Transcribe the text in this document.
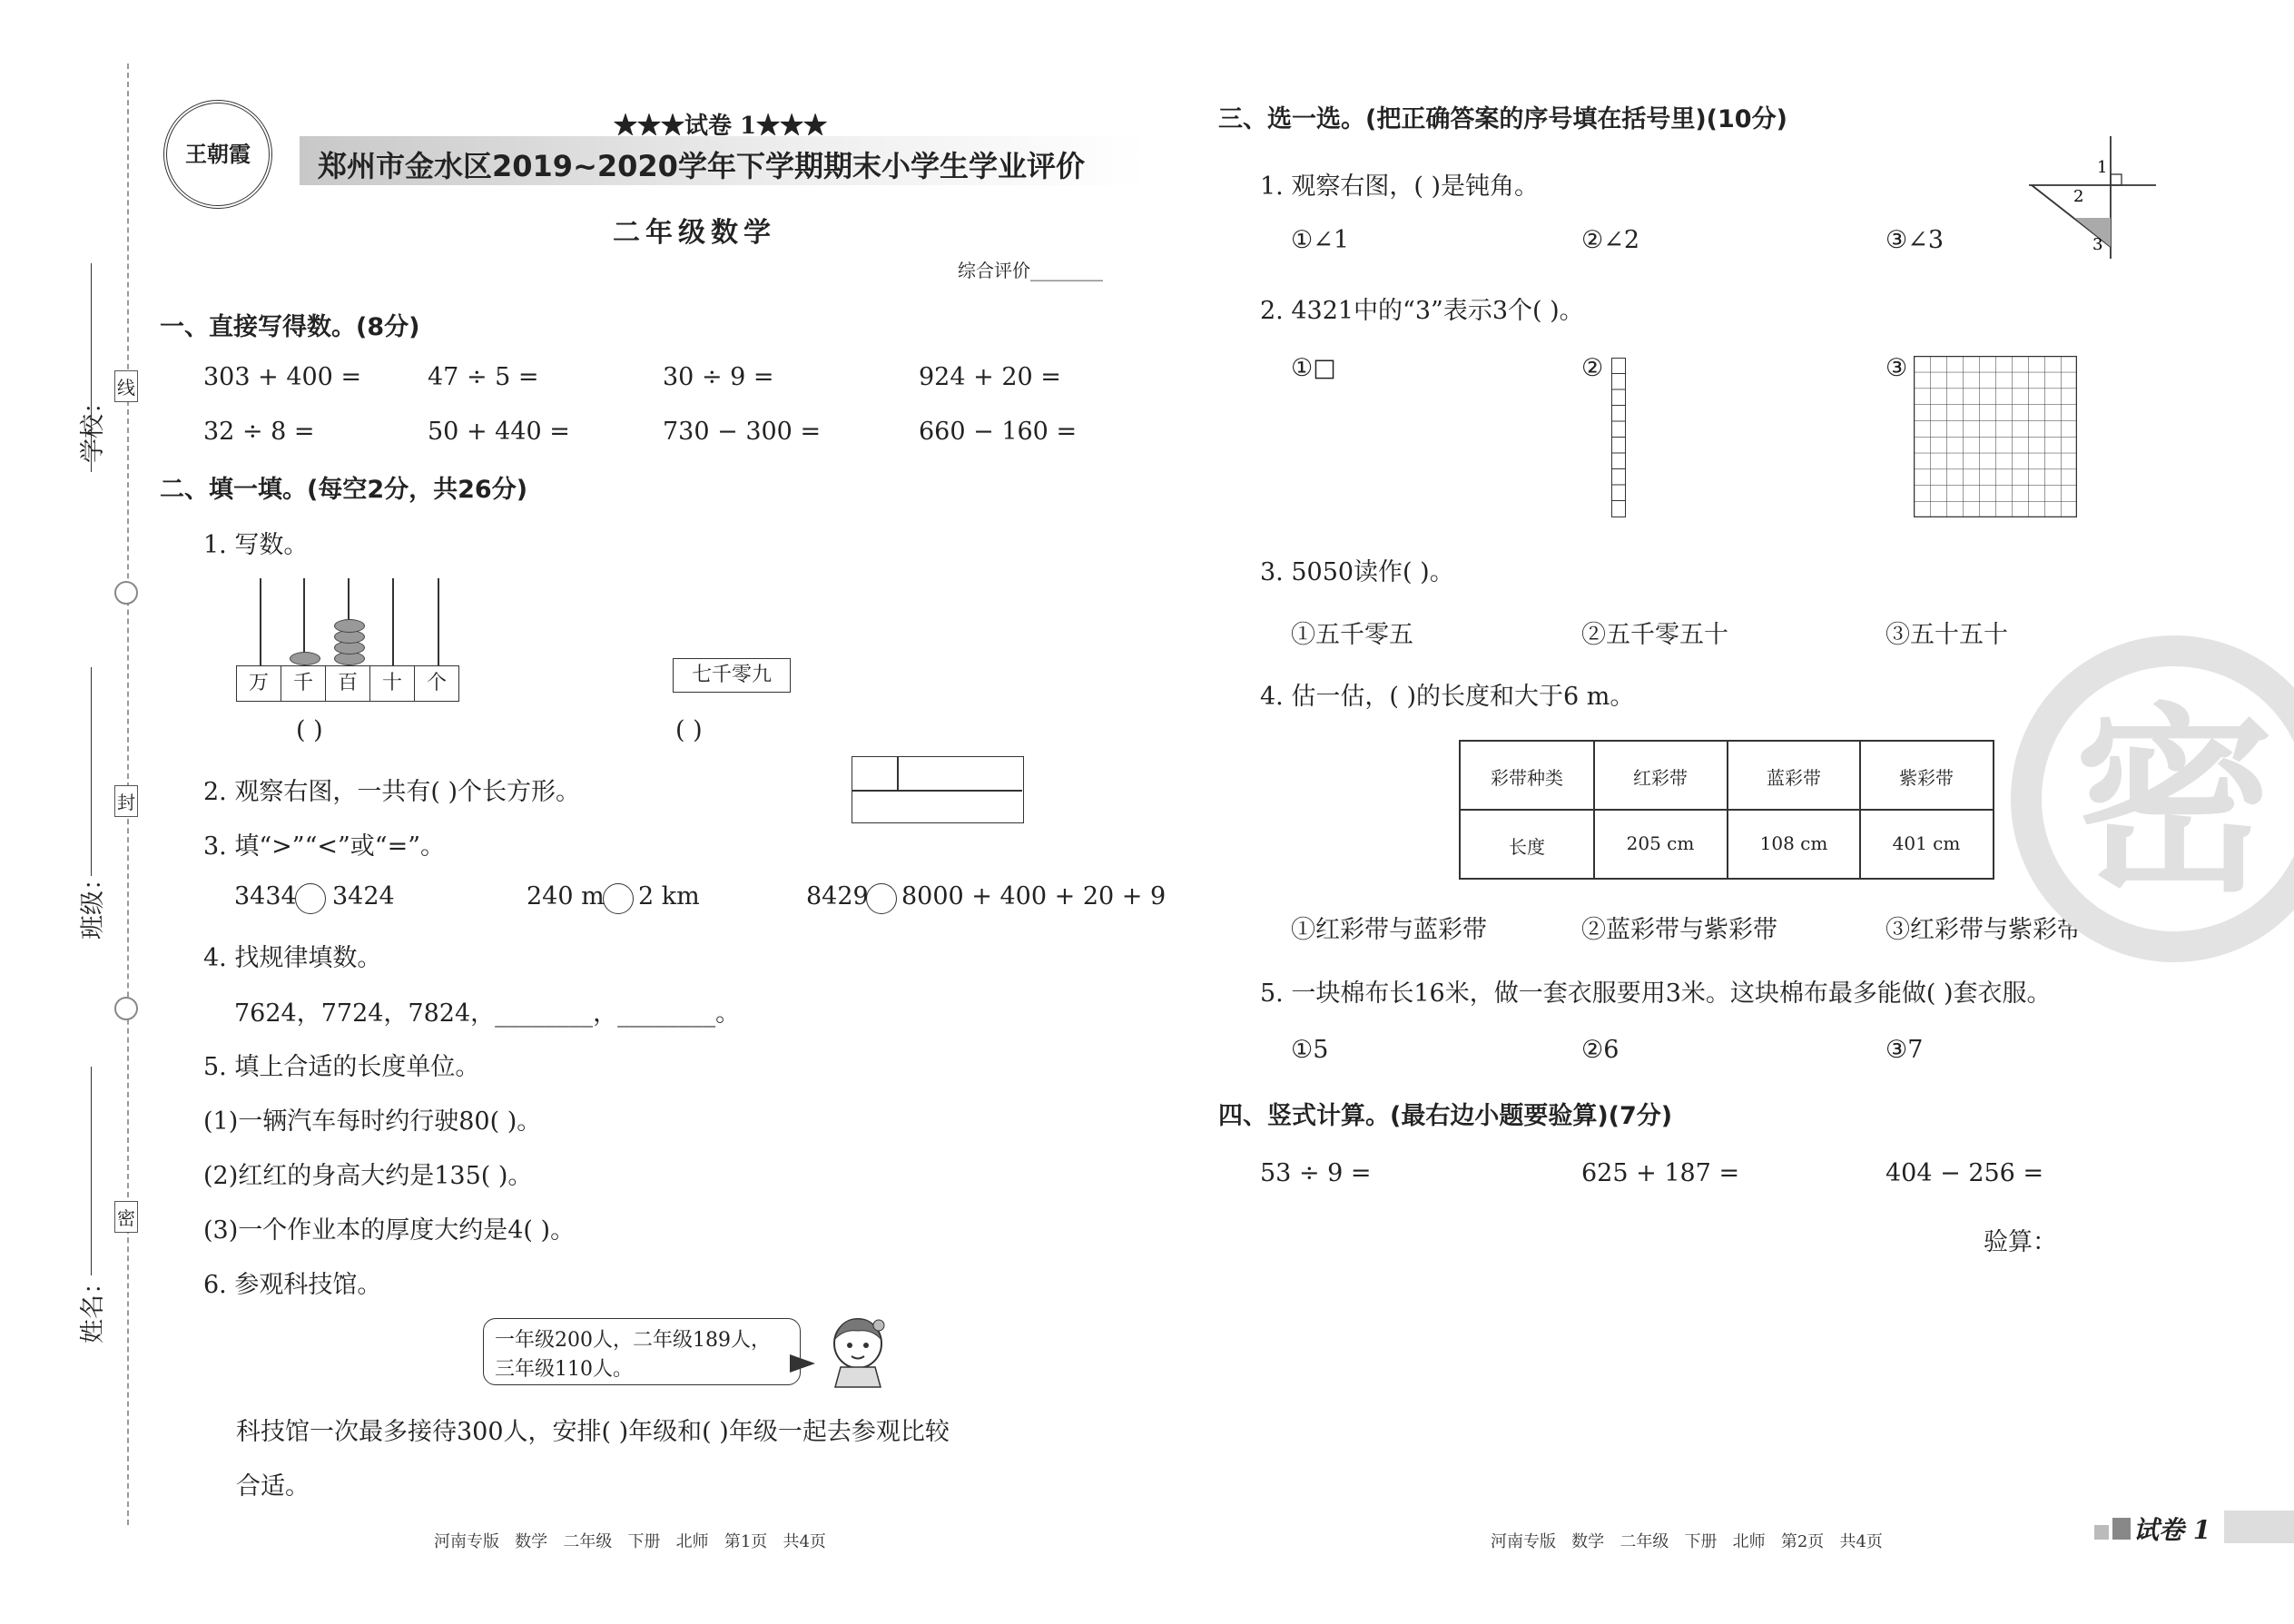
学校：
班级：
姓名：
线
封
密
王朝霞
★★★试卷 1★★★
郑州市金水区2019~2020学年下学期期末小学生学业评价
二年级数学
综合评价________
一、直接写得数。(8分)
303 + 400 =	47 ÷ 5 =	30 ÷ 9 =	924 + 20 =
32 ÷ 8 =	50 + 440 =	730 − 300 =	660 − 160 =
二、填一填。(每空2分，共26分)
1. 写数。
万	千	百	十	个
( )
七千零九
( )
2. 观察右图，一共有( )个长方形。
3. 填“>”“<”或“=”。
3434 3424	240 m 2 km	8429 8000 + 400 + 20 + 9
4. 找规律填数。
7624，7724，7824，________，________。
5. 填上合适的长度单位。
(1)一辆汽车每时约行驶80( )。
(2)红红的身高大约是135( )。
(3)一个作业本的厚度大约是4( )。
6. 参观科技馆。
一年级200人，二年级189人，
三年级110人。
科技馆一次最多接待300人，安排( )年级和( )年级一起去参观比较
合适。
三、选一选。(把正确答案的序号填在括号里)(10分)
1. 观察右图，( )是钝角。
①∠1	②∠2	③∠3
1
2
3
2. 4321中的“3”表示3个( )。
①□	②	③
3. 5050读作( )。
①五千零五	②五千零五十	③五十五十
4. 估一估，( )的长度和大于6 m。
彩带种类	红彩带	蓝彩带	紫彩带
长度	205 cm	108 cm	401 cm
①红彩带与蓝彩带	②蓝彩带与紫彩带	③红彩带与紫彩带
5. 一块棉布长16米，做一套衣服要用3米。这块棉布最多能做( )套衣服。
①5	②6	③7
四、竖式计算。(最右边小题要验算)(7分)
53 ÷ 9 =	625 + 187 =	404 − 256 =
验算：
密
河南专版   数学   二年级   下册   北师   第1页   共4页	河南专版   数学   二年级   下册   北师   第2页   共4页	试卷 1
